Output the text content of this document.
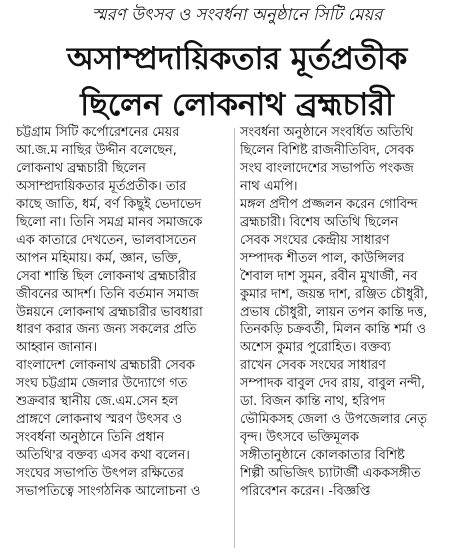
স্মরণ উৎসব ও সংবর্ধনা অনুষ্ঠানে সিটি মেয়র
অসাম্প্রদায়িকতার মূর্তপ্রতীক
ছিলেন লোকনাথ ব্রহ্মচারী
চট্টগ্রাম সিটি কর্পোরেশনের মেয়র
আ.জ.ম নাছির উদ্দীন বলেছেন,
লোকনাথ ব্রহ্মচারী ছিলেন
অসাম্প্রদায়িকতার মূর্তপ্রতীক। তার
কাছে জাতি, ধর্ম, বর্ণ কিছুই ভেদাভেদ
ছিলো না। তিনি সমগ্র মানব সমাজকে
এক কাতারে দেখতেন, ভালবাসতেন
আপন মহিমায়। কর্ম, জ্ঞান, ভক্তি,
সেবা শান্তি ছিল লোকনাথ ব্রহ্মচারীর
জীবনের আদর্শ। তিনি বর্তমান সমাজ
উন্নয়নে লোকনাথ ব্রহ্মচারীর ভাবধারা
ধারণ করার জন্য জন্য সকলের প্রতি
আহ্বান জানান।
বাংলাদেশ লোকনাথ ব্রহ্মচারী সেবক
সংঘ চট্টগ্রাম জেলার উদ্যোগে গত
শুক্রবার স্থানীয় জে.এম.সেন হল
প্রাঙ্গণে লোকনাথ স্মরণ উৎসব ও
সংবর্ধনা অনুষ্ঠানে তিনি প্রধান
অতিথি'র বক্তব্য এসব কথা বলেন।
সংঘের সভাপতি উৎপল রক্ষিতের
সভাপতিত্বে সাংগঠনিক আলোচনা ও
সংবর্ধনা অনুষ্ঠানে সংবর্ধিত অতিথি
ছিলেন বিশিষ্ট রাজনীতিবিদ, সেবক
সংঘ বাংলাদেশের সভাপতি পংকজ
নাথ এমপি।
মঙ্গল প্রদীপ প্রজ্জলন করেন গোবিন্দ
ব্রহ্মচারী। বিশেষ অতিথি ছিলেন
সেবক সংঘের কেন্দ্রীয় সাধারণ
সম্পাদক শীতল পাল, কাউন্সিলর
শৈবাল দাশ সুমন, রবীন মুখার্জী, নব
কুমার দাশ, জয়ন্ত দাশ, রঞ্জিত চৌধুরী,
প্রভাষ চৌধুরী, লায়ন তপন কান্তি দত্ত,
তিনকড়ি চক্রবর্তী, মিলন কান্তি শর্মা ও
অশেস কুমার পুরোহিত। বক্তব্য
রাখেন সেবক সংঘের সাধারণ
সম্পাদক বাবুল দেব রায়, বাবুল নন্দী,
ডা. বিজন কান্তি নাথ, হরিপদ
ভৌমিকসহ জেলা ও উপজেলার নেতৃ
বৃন্দ। উৎসবে ভক্তিমূলক
সঙ্গীতানুষ্ঠানে কোলকাতার বিশিষ্ট
শিল্পী অভিজিৎ চ্যাটার্জী এককসঙ্গীত
পরিবেশন করেন। -বিজ্ঞপ্তি
